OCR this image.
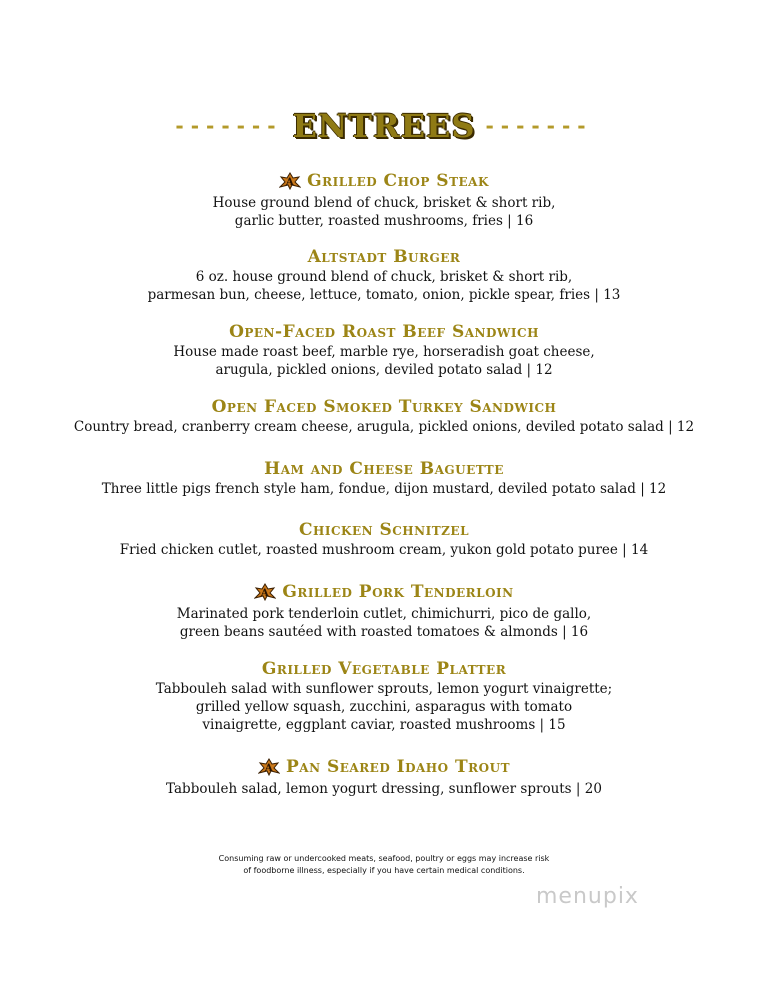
------- ENTREES -------
A Grilled Chop Steak
House ground blend of chuck, brisket & short rib,
garlic butter, roasted mushrooms, fries | 16
Altstadt Burger
6 oz. house ground blend of chuck, brisket & short rib,
parmesan bun, cheese, lettuce, tomato, onion, pickle spear, fries | 13
Open-Faced Roast Beef Sandwich
House made roast beef, marble rye, horseradish goat cheese,
arugula, pickled onions, deviled potato salad | 12
Open Faced Smoked Turkey Sandwich
Country bread, cranberry cream cheese, arugula, pickled onions, deviled potato salad | 12
Ham and Cheese Baguette
Three little pigs french style ham, fondue, dijon mustard, deviled potato salad | 12
Chicken Schnitzel
Fried chicken cutlet, roasted mushroom cream, yukon gold potato puree | 14
A Grilled Pork Tenderloin
Marinated pork tenderloin cutlet, chimichurri, pico de gallo,
green beans sautéed with roasted tomatoes & almonds | 16
Grilled Vegetable Platter
Tabbouleh salad with sunflower sprouts, lemon yogurt vinaigrette;
grilled yellow squash, zucchini, asparagus with tomato
vinaigrette, eggplant caviar, roasted mushrooms | 15
A Pan Seared Idaho Trout
Tabbouleh salad, lemon yogurt dressing, sunflower sprouts | 20
Consuming raw or undercooked meats, seafood, poultry or eggs may increase risk
of foodborne illness, especially if you have certain medical conditions.
menupix
